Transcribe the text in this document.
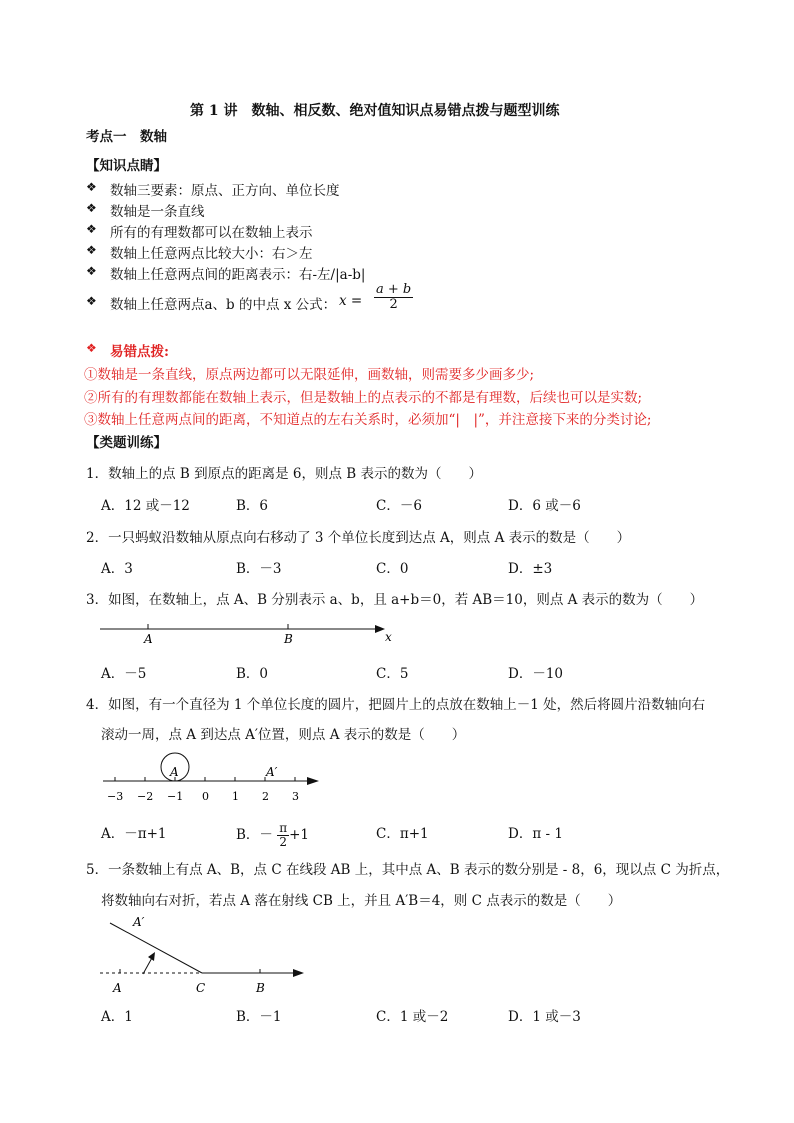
第 1 讲　数轴、相反数、绝对值知识点易错点拨与题型训练
考点一　数轴
【知识点睛】
❖ 数轴三要素：原点、正方向、单位长度
❖ 数轴是一条直线
❖ 所有的有理数都可以在数轴上表示
❖ 数轴上任意两点比较大小：右＞左
❖ 数轴上任意两点间的距离表示：右-左/|a-b|
❖ 数轴上任意两点a、b 的中点 x 公式： $x = \frac{a + b}{2}$
❖ 易错点拨:
①数轴是一条直线，原点两边都可以无限延伸，画数轴，则需要多少画多少;
②所有的有理数都能在数轴上表示，但是数轴上的点表示的不都是有理数，后续也可以是实数;
③数轴上任意两点间的距离，不知道点的左右关系时，必须加“|　|”，并注意接下来的分类讨论;
【类题训练】
1．数轴上的点 B 到原点的距离是 6，则点 B 表示的数为（　　）
A．12 或－12	B．6	C．－6	D．6 或－6
2．一只蚂蚁沿数轴从原点向右移动了 3 个单位长度到达点 A，则点 A 表示的数是（　　）
A．3	B．－3	C．0	D．±3
3．如图，在数轴上，点 A、B 分别表示 a、b，且 a+b＝0，若 AB＝10，则点 A 表示的数为（　　）
A	B	x
A．－5	B．0	C．5	D．－10
4．如图，有一个直径为 1 个单位长度的圆片，把圆片上的点放在数轴上－1 处，然后将圆片沿数轴向右
滚动一周，点 A 到达点 A′位置，则点 A 表示的数是（　　）
A	A′
−3 −2 −1 0 1 2 3
A．－π+1	B．－ $\frac{\pi}{2} +1$	C．π+1	D．π - 1
5．一条数轴上有点 A、B，点 C 在线段 AB 上，其中点 A、B 表示的数分别是 - 8，6，现以点 C 为折点，
将数轴向右对折，若点 A 落在射线 CB 上，并且 A′B＝4，则 C 点表示的数是（　　）
A′
A	C	B
A．1	B．－1	C．1 或－2	D．1 或－3
